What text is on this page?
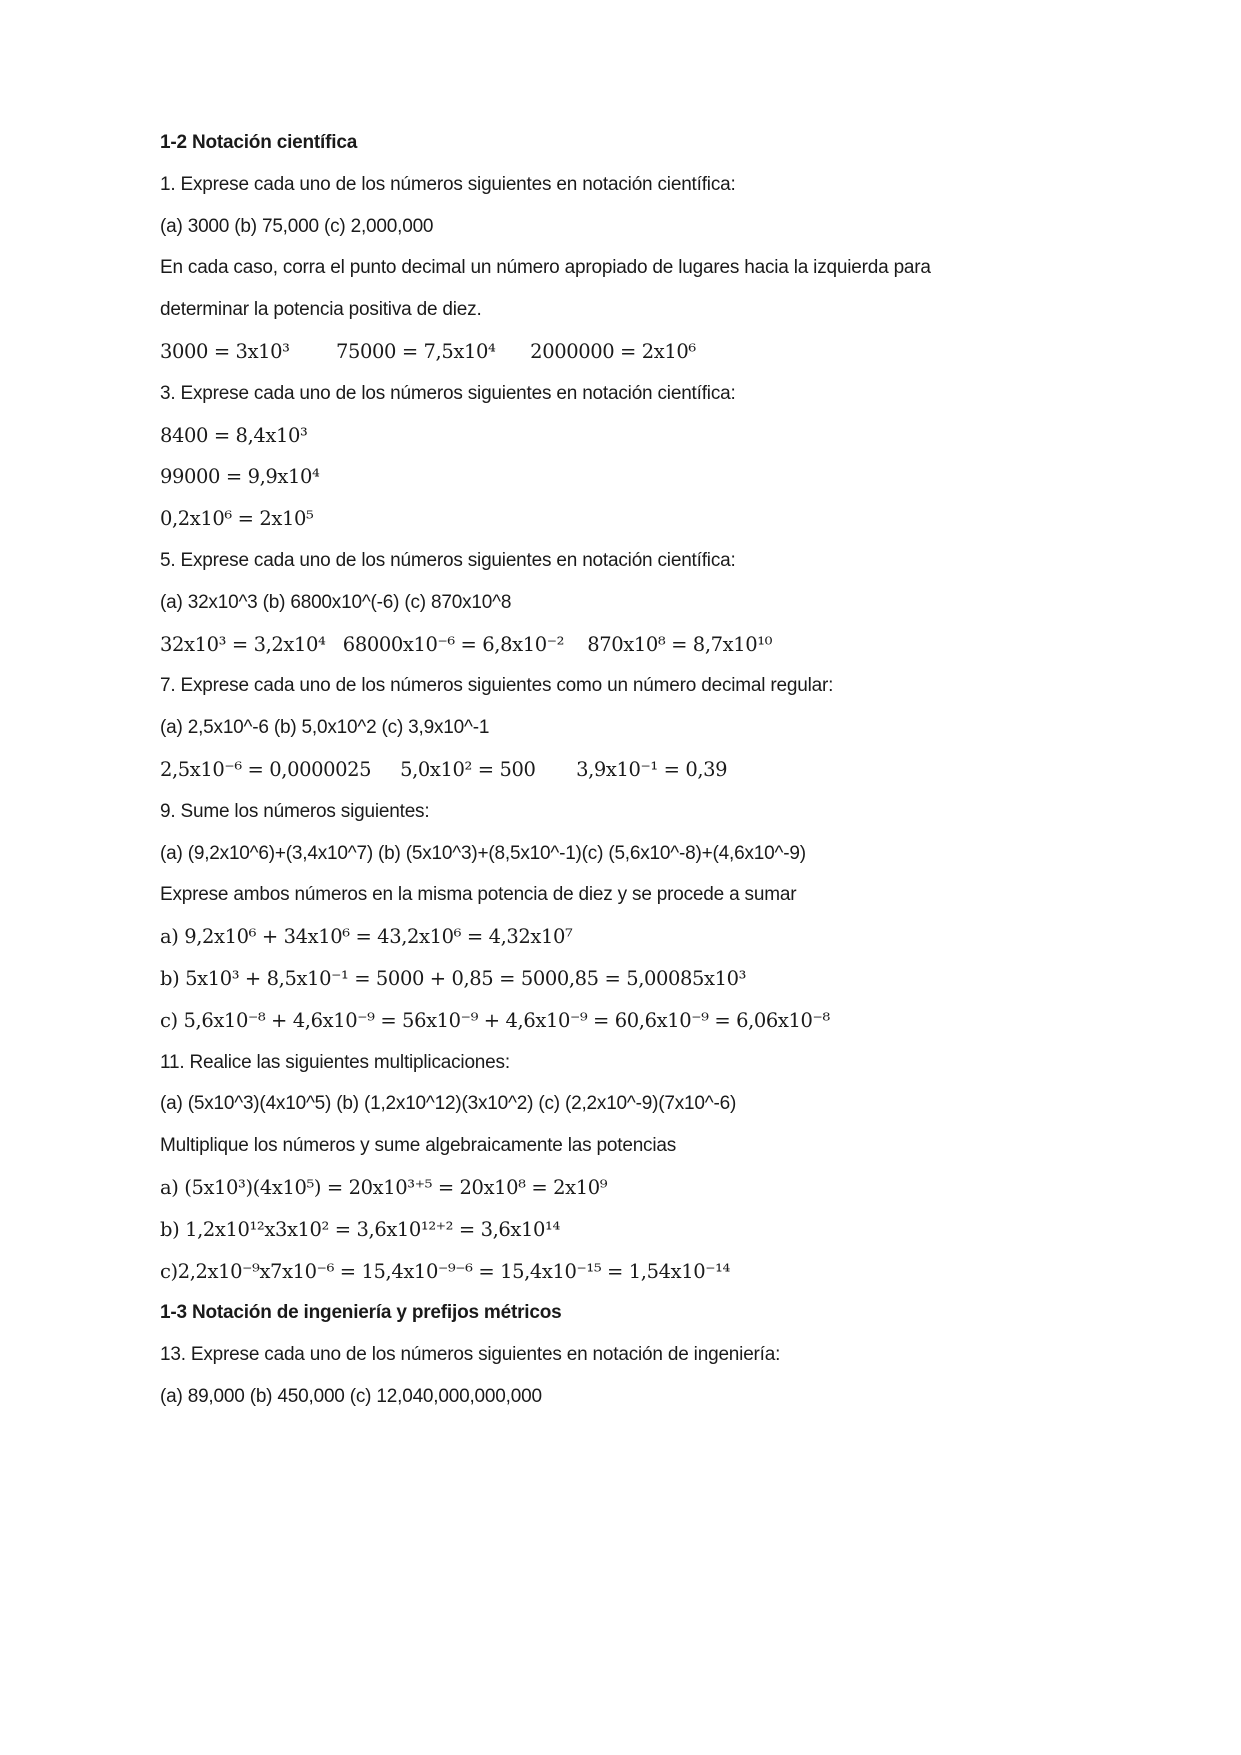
1-2 Notación científica

1. Exprese cada uno de los números siguientes en notación científica:

(a) 3000 (b) 75,000 (c) 2,000,000

En cada caso, corra el punto decimal un número apropiado de lugares hacia la izquierda para

determinar la potencia positiva de diez.

3000 = 3x10³        75000 = 7,5x10⁴      2000000 = 2x10⁶

3. Exprese cada uno de los números siguientes en notación científica:

8400 = 8,4x10³

99000 = 9,9x10⁴

0,2x10⁶ = 2x10⁵

5. Exprese cada uno de los números siguientes en notación científica:

(a) 32x10^3 (b) 6800x10^(-6) (c) 870x10^8

32x10³ = 3,2x10⁴   68000x10⁻⁶ = 6,8x10⁻²    870x10⁸ = 8,7x10¹⁰

7. Exprese cada uno de los números siguientes como un número decimal regular:

(a) 2,5x10^-6 (b) 5,0x10^2 (c) 3,9x10^-1

2,5x10⁻⁶ = 0,0000025     5,0x10² = 500       3,9x10⁻¹ = 0,39

9. Sume los números siguientes:

(a) (9,2x10^6)+(3,4x10^7) (b) (5x10^3)+(8,5x10^-1)(c) (5,6x10^-8)+(4,6x10^-9)

Exprese ambos números en la misma potencia de diez y se procede a sumar

a) 9,2x10⁶ + 34x10⁶ = 43,2x10⁶ = 4,32x10⁷

b) 5x10³ + 8,5x10⁻¹ = 5000 + 0,85 = 5000,85 = 5,00085x10³

c) 5,6x10⁻⁸ + 4,6x10⁻⁹ = 56x10⁻⁹ + 4,6x10⁻⁹ = 60,6x10⁻⁹ = 6,06x10⁻⁸

11. Realice las siguientes multiplicaciones:

(a) (5x10^3)(4x10^5) (b) (1,2x10^12)(3x10^2) (c) (2,2x10^-9)(7x10^-6)

Multiplique los números y sume algebraicamente las potencias

a) (5x10³)(4x10⁵) = 20x10³⁺⁵ = 20x10⁸ = 2x10⁹

b) 1,2x10¹²x3x10² = 3,6x10¹²⁺² = 3,6x10¹⁴

c)2,2x10⁻⁹x7x10⁻⁶ = 15,4x10⁻⁹⁻⁶ = 15,4x10⁻¹⁵ = 1,54x10⁻¹⁴

1-3 Notación de ingeniería y prefijos métricos

13. Exprese cada uno de los números siguientes en notación de ingeniería:

(a) 89,000 (b) 450,000 (c) 12,040,000,000,000
